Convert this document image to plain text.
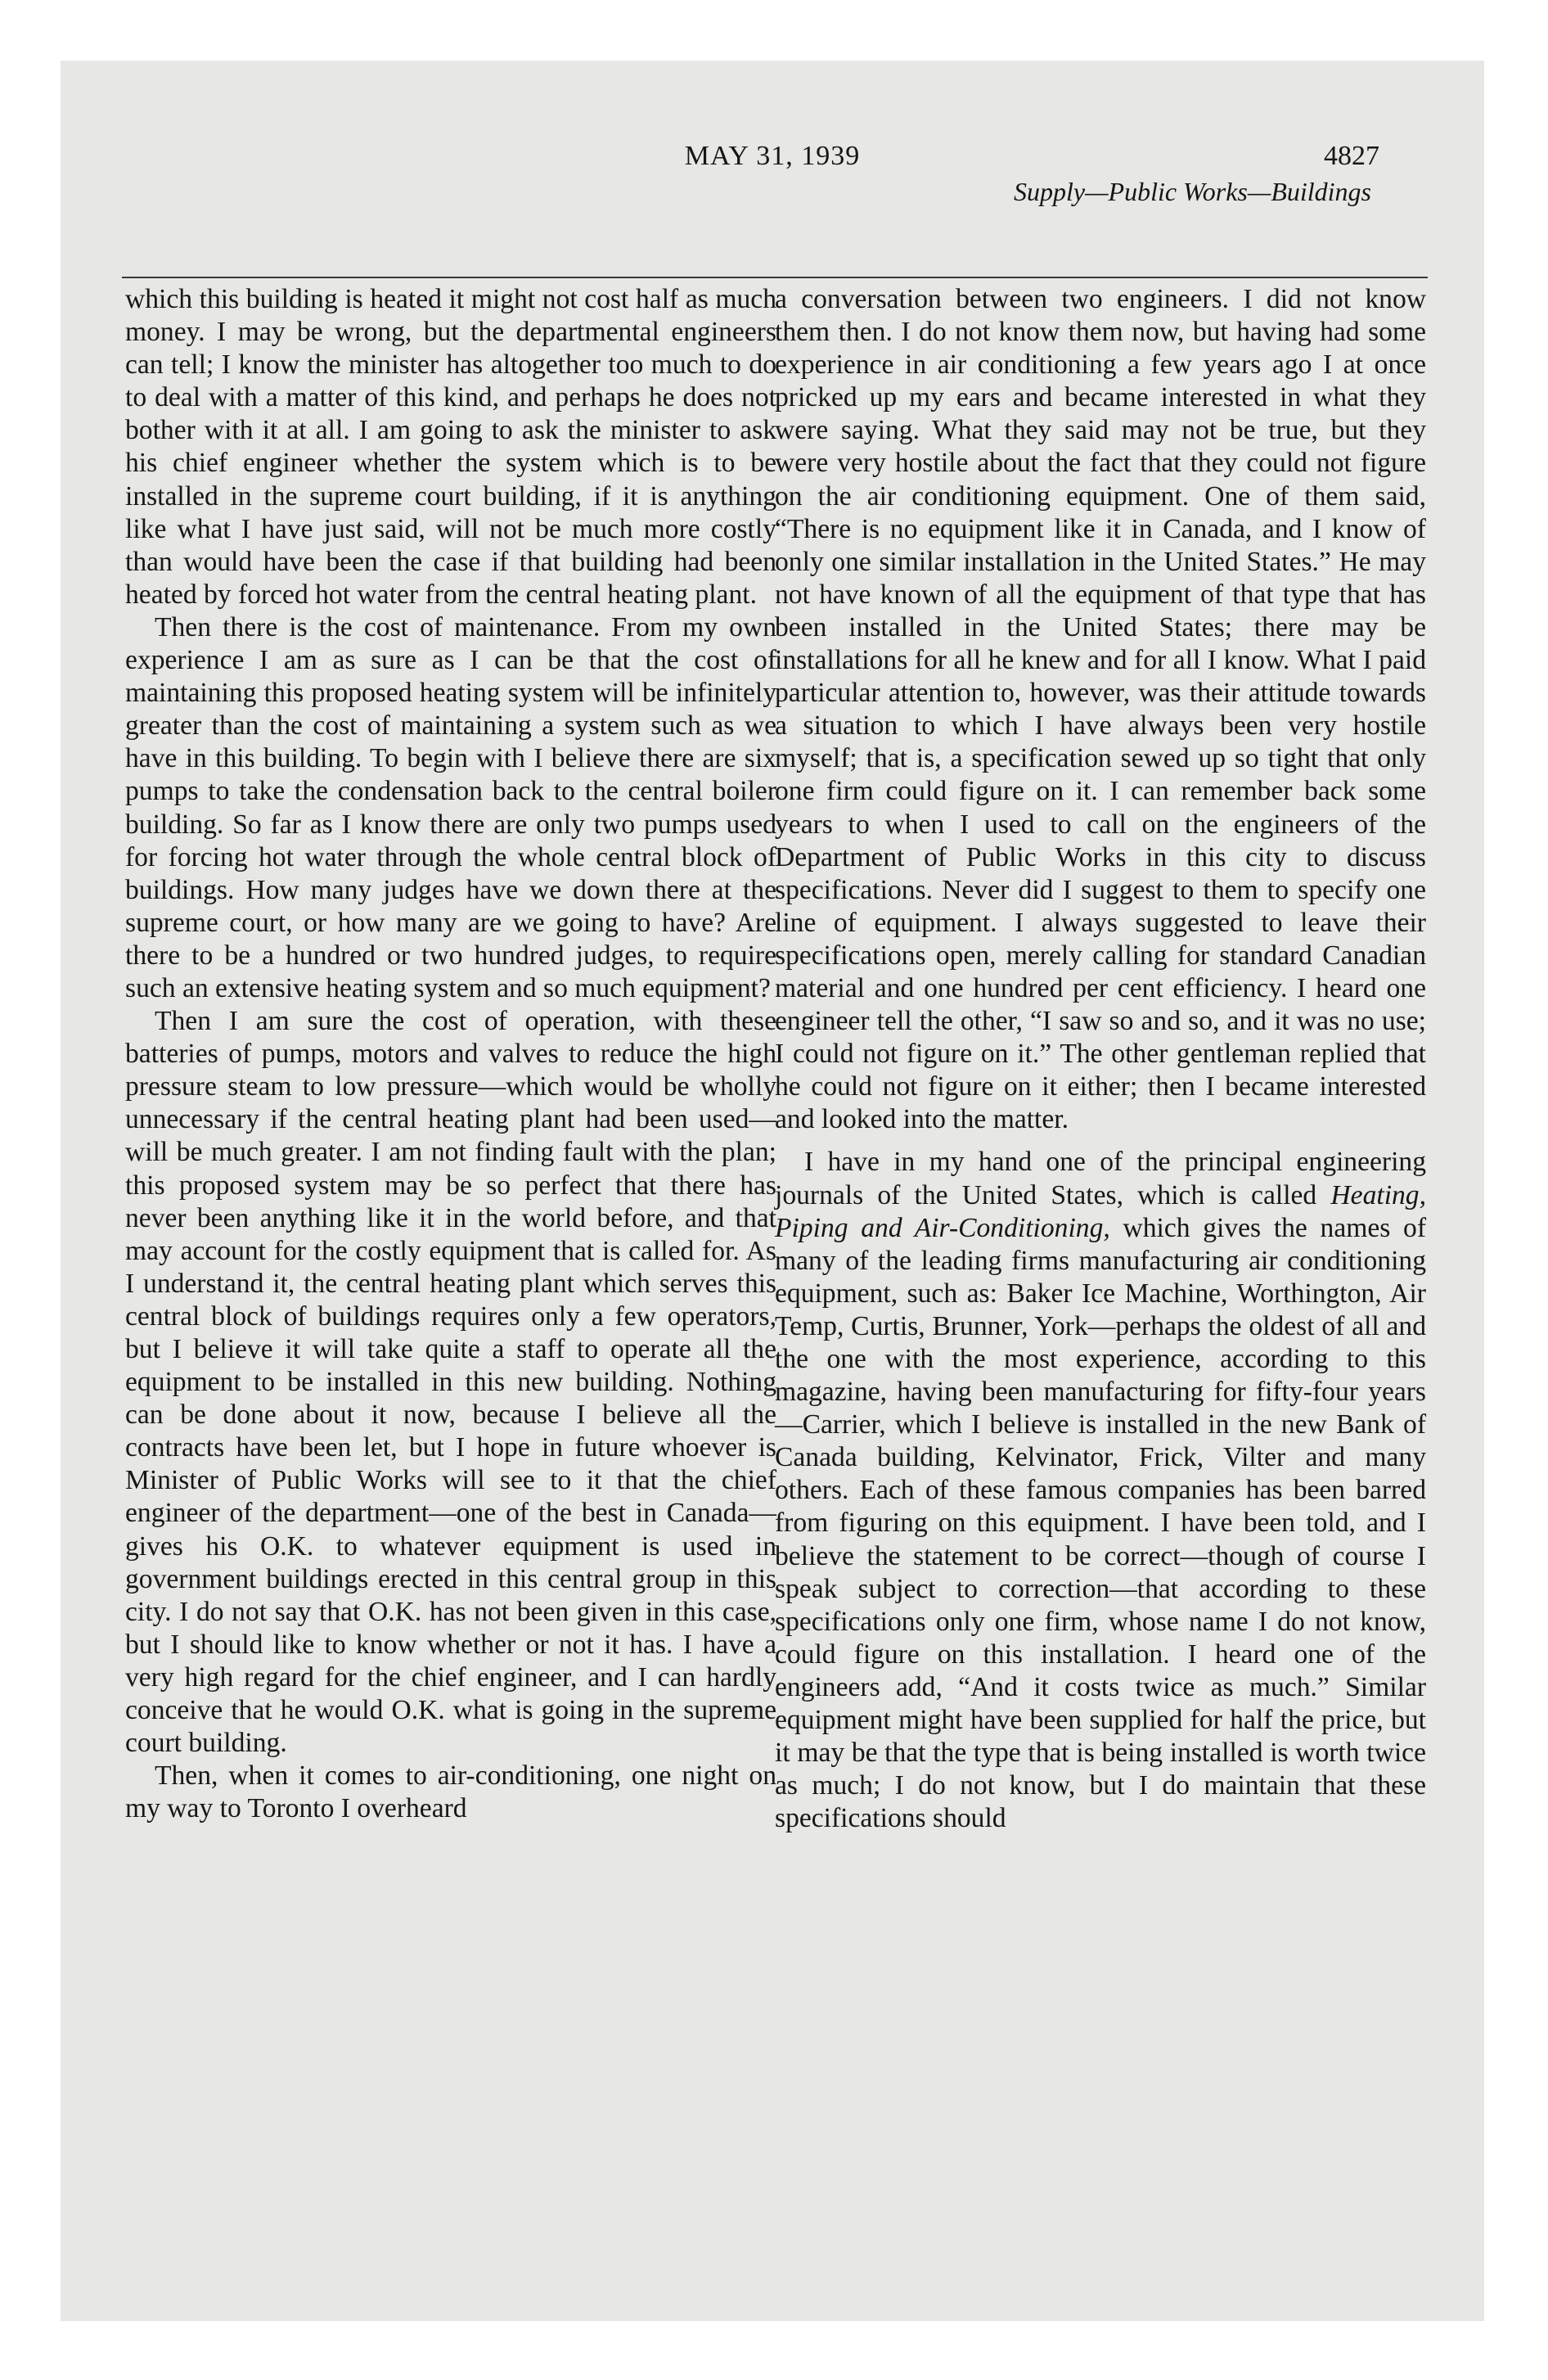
MAY 31, 1939	4827
Supply—Public Works—Buildings

which this building is heated it might not cost half as much money. I may be wrong, but the departmental engineers can tell; I know the minister has altogether too much to do to deal with a matter of this kind, and perhaps he does not bother with it at all. I am going to ask the minister to ask his chief engineer whether the system which is to be installed in the supreme court building, if it is anything like what I have just said, will not be much more costly than would have been the case if that building had been heated by forced hot water from the central heating plant.

Then there is the cost of maintenance. From my own experience I am as sure as I can be that the cost of maintaining this proposed heating system will be infinitely greater than the cost of maintaining a system such as we have in this building. To begin with I believe there are six pumps to take the condensation back to the central boiler building. So far as I know there are only two pumps used for forcing hot water through the whole central block of buildings. How many judges have we down there at the supreme court, or how many are we going to have? Are there to be a hundred or two hundred judges, to require such an extensive heating system and so much equipment?

Then I am sure the cost of operation, with these batteries of pumps, motors and valves to reduce the high pressure steam to low pressure—which would be wholly unnecessary if the central heating plant had been used—will be much greater. I am not finding fault with the plan; this proposed system may be so perfect that there has never been anything like it in the world before, and that may account for the costly equipment that is called for. As I understand it, the central heating plant which serves this central block of buildings requires only a few operators, but I believe it will take quite a staff to operate all the equipment to be installed in this new building. Nothing can be done about it now, because I believe all the contracts have been let, but I hope in future whoever is Minister of Public Works will see to it that the chief engineer of the department—one of the best in Canada—gives his O.K. to whatever equipment is used in government buildings erected in this central group in this city. I do not say that O.K. has not been given in this case, but I should like to know whether or not it has. I have a very high regard for the chief engineer, and I can hardly conceive that he would O.K. what is going in the supreme court building.

Then, when it comes to air-conditioning, one night on my way to Toronto I overheard

a conversation between two engineers. I did not know them then. I do not know them now, but having had some experience in air conditioning a few years ago I at once pricked up my ears and became interested in what they were saying. What they said may not be true, but they were very hostile about the fact that they could not figure on the air conditioning equipment. One of them said, “There is no equipment like it in Canada, and I know of only one similar installation in the United States.” He may not have known of all the equipment of that type that has been installed in the United States; there may be installations for all he knew and for all I know. What I paid particular attention to, however, was their attitude towards a situation to which I have always been very hostile myself; that is, a specification sewed up so tight that only one firm could figure on it. I can remember back some years to when I used to call on the engineers of the Department of Public Works in this city to discuss specifications. Never did I suggest to them to specify one line of equipment. I always suggested to leave their specifications open, merely calling for standard Canadian material and one hundred per cent efficiency. I heard one engineer tell the other, “I saw so and so, and it was no use; I could not figure on it.” The other gentleman replied that he could not figure on it either; then I became interested and looked into the matter.

I have in my hand one of the principal engineering journals of the United States, which is called Heating, Piping and Air-Conditioning, which gives the names of many of the leading firms manufacturing air conditioning equipment, such as: Baker Ice Machine, Worthington, Air Temp, Curtis, Brunner, York—perhaps the oldest of all and the one with the most experience, according to this magazine, having been manufacturing for fifty-four years—Carrier, which I believe is installed in the new Bank of Canada building, Kelvinator, Frick, Vilter and many others. Each of these famous companies has been barred from figuring on this equipment. I have been told, and I believe the statement to be correct—though of course I speak subject to correction—that according to these specifications only one firm, whose name I do not know, could figure on this installation. I heard one of the engineers add, “And it costs twice as much.” Similar equipment might have been supplied for half the price, but it may be that the type that is being installed is worth twice as much; I do not know, but I do maintain that these specifications should
